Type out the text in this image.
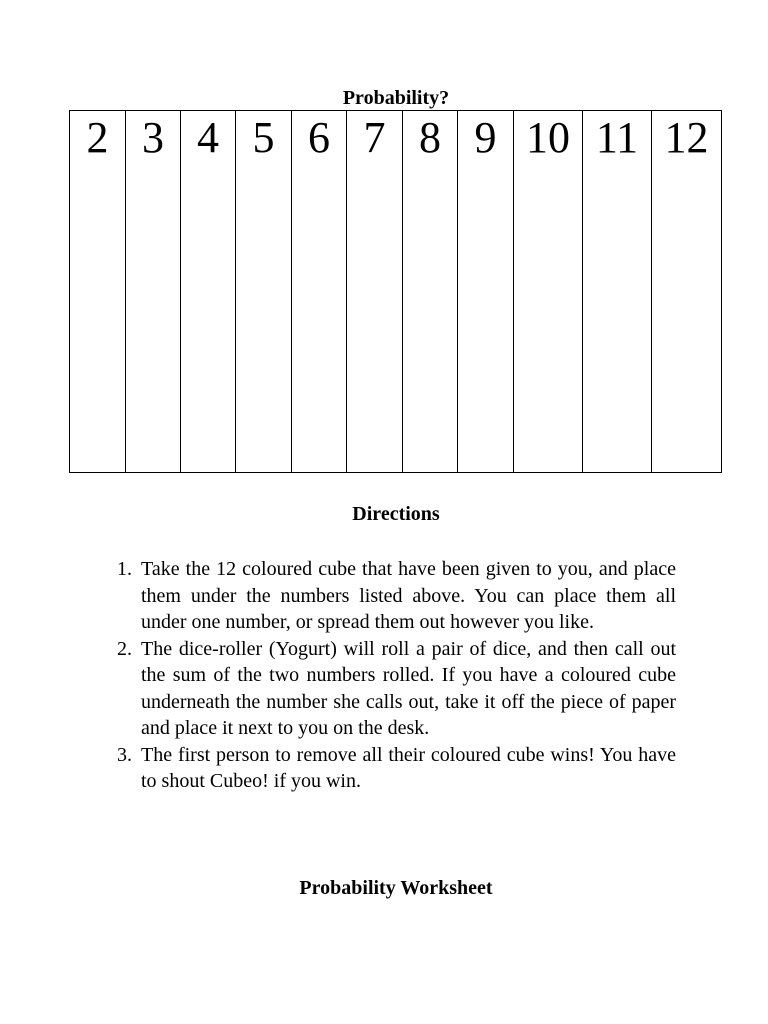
Probability?
2	3	4	5	6	7	8	9	10	11	12
Directions
1. Take the 12 coloured cube that have been given to you, and place them under the numbers listed above. You can place them all under one number, or spread them out however you like.
2. The dice-roller (Yogurt) will roll a pair of dice, and then call out the sum of the two numbers rolled. If you have a coloured cube underneath the number she calls out, take it off the piece of paper and place it next to you on the desk.
3. The first person to remove all their coloured cube wins! You have to shout Cubeo! if you win.
Probability Worksheet
